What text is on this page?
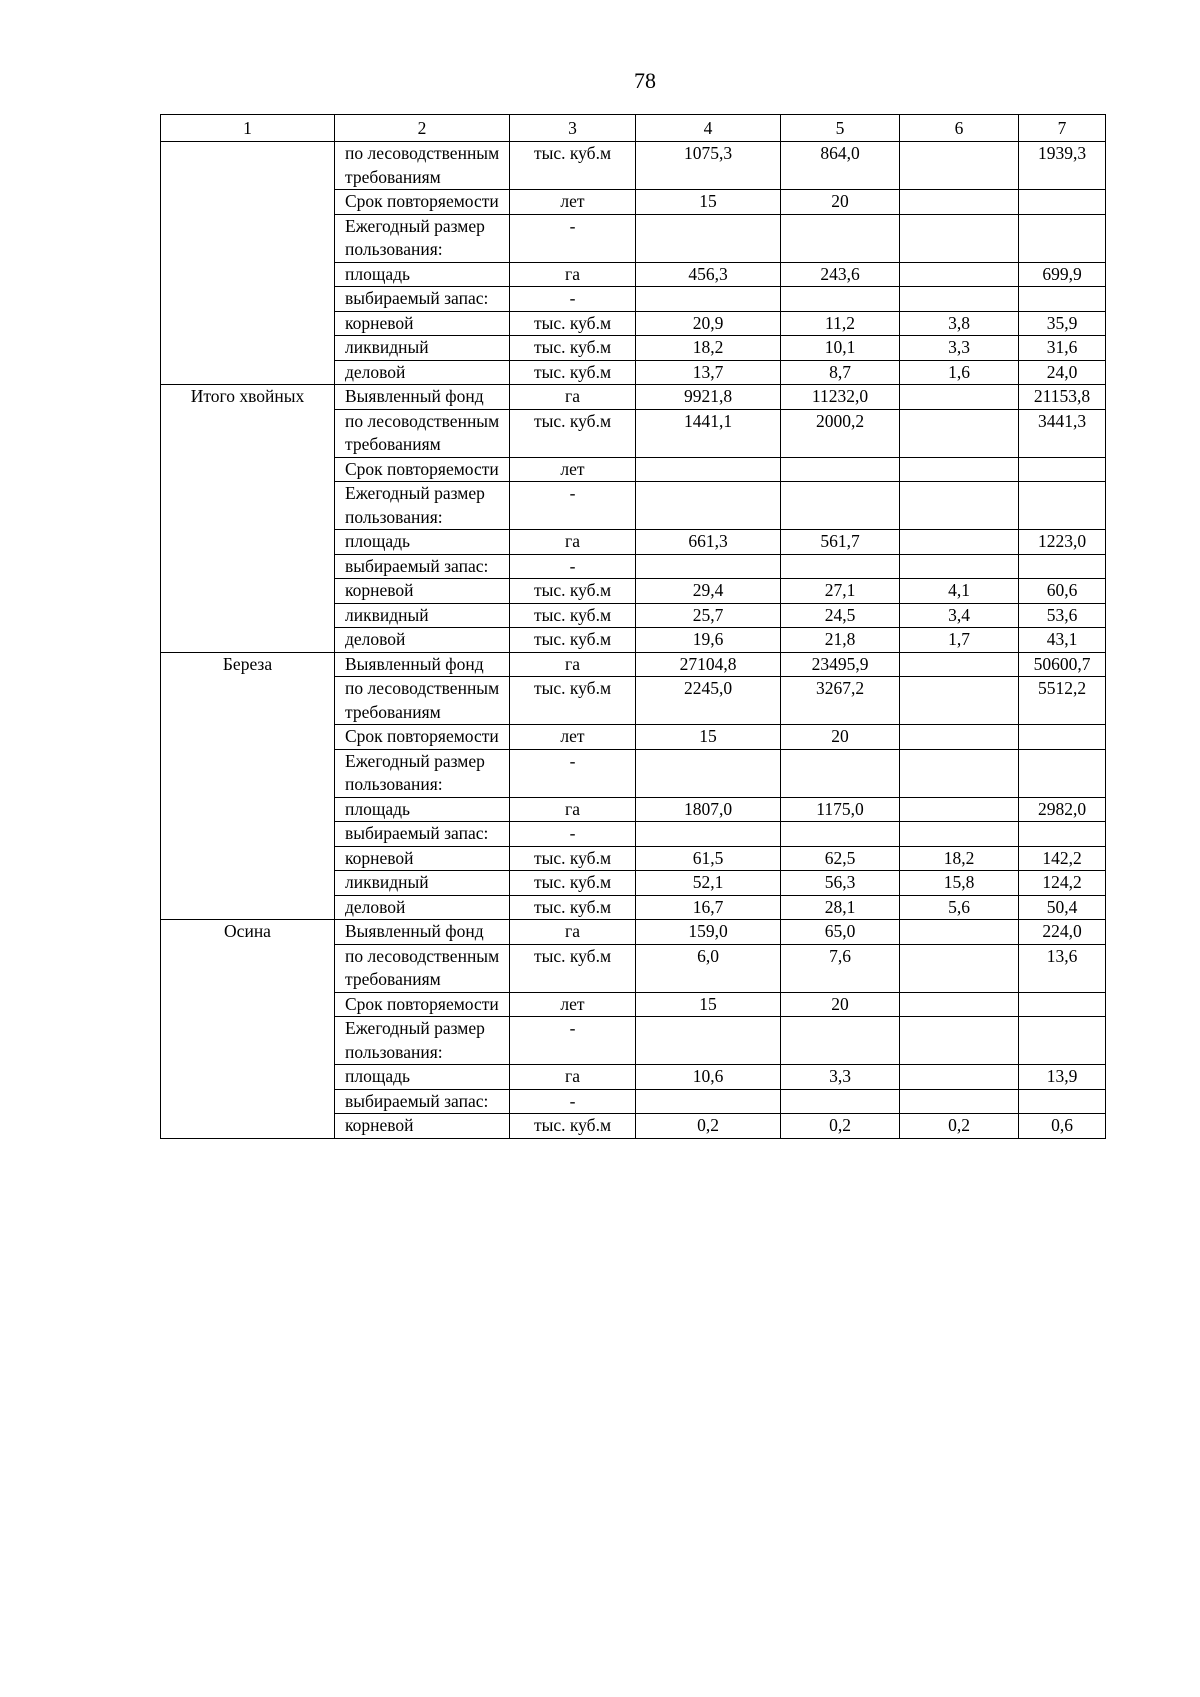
78
1	2	3	4	5	6	7
	по лесоводственным требованиям	тыс. куб.м	1075,3	864,0		1939,3
	Срок повторяемости	лет	15	20		
	Ежегодный размер пользования:	-				
	площадь	га	456,3	243,6		699,9
	выбираемый запас:	-				
	корневой	тыс. куб.м	20,9	11,2	3,8	35,9
	ликвидный	тыс. куб.м	18,2	10,1	3,3	31,6
	деловой	тыс. куб.м	13,7	8,7	1,6	24,0
Итого хвойных	Выявленный фонд	га	9921,8	11232,0		21153,8
	по лесоводственным требованиям	тыс. куб.м	1441,1	2000,2		3441,3
	Срок повторяемости	лет				
	Ежегодный размер пользования:	-				
	площадь	га	661,3	561,7		1223,0
	выбираемый запас:	-				
	корневой	тыс. куб.м	29,4	27,1	4,1	60,6
	ликвидный	тыс. куб.м	25,7	24,5	3,4	53,6
	деловой	тыс. куб.м	19,6	21,8	1,7	43,1
Береза	Выявленный фонд	га	27104,8	23495,9		50600,7
	по лесоводственным требованиям	тыс. куб.м	2245,0	3267,2		5512,2
	Срок повторяемости	лет	15	20		
	Ежегодный размер пользования:	-				
	площадь	га	1807,0	1175,0		2982,0
	выбираемый запас:	-				
	корневой	тыс. куб.м	61,5	62,5	18,2	142,2
	ликвидный	тыс. куб.м	52,1	56,3	15,8	124,2
	деловой	тыс. куб.м	16,7	28,1	5,6	50,4
Осина	Выявленный фонд	га	159,0	65,0		224,0
	по лесоводственным требованиям	тыс. куб.м	6,0	7,6		13,6
	Срок повторяемости	лет	15	20		
	Ежегодный размер пользования:	-				
	площадь	га	10,6	3,3		13,9
	выбираемый запас:	-				
	корневой	тыс. куб.м	0,2	0,2	0,2	0,6
